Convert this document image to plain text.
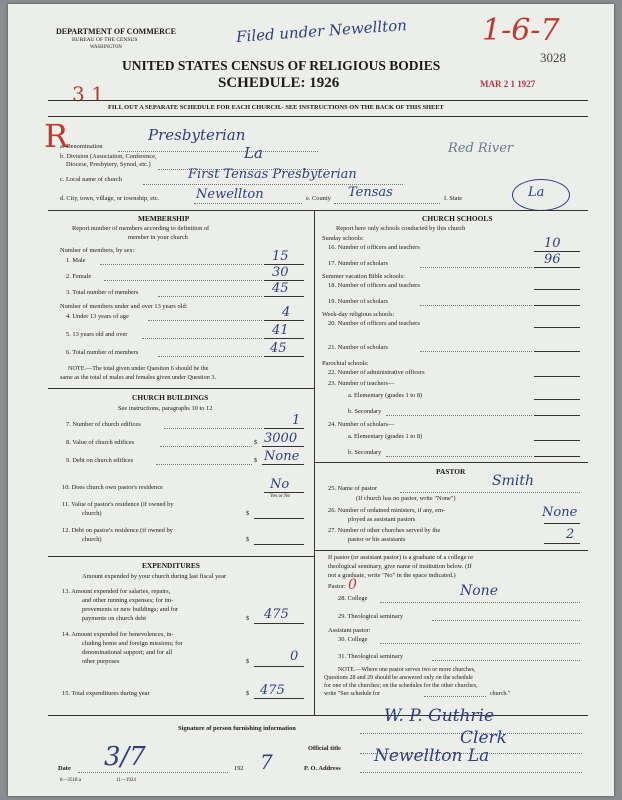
DEPARTMENT OF COMMERCE
BUREAU OF THE CENSUS
WASHINGTON
UNITED STATES CENSUS OF RELIGIOUS BODIES
SCHEDULE: 1926
Filed under Newellton 1-6-7
3028
MAR 2 1 1927
3 1
FILL OUT A SEPARATE SCHEDULE FOR EACH CHURCH.- SEE INSTRUCTIONS ON THE BACK OF THIS SHEET
R
a. Denomination
Presbyterian
b. Division (Association, Conference,
Diocese, Presbytery, Synod, etc.)
La	Red River
c. Local name of church	First Tensas Presbyterian
d. City, town, village, or township, etc.	Newellton	e. County Tensas	f. State	La
MEMBERSHIP
Report number of members according to definition of
member in your church
Number of members, by sex:
1. Male	15
2. Female	30
3. Total number of members	45
Number of members under and over 13 years old:
4. Under 13 years of age	4
5. 13 years old and over	41
6. Total number of members	45
NOTE.—The total given under Question 6 should be the
same as the total of males and females given under Question 3.
CHURCH BUILDINGS
See instructions, paragraphs 10 to 12
7. Number of church edifices	1
8. Value of church edifices	$ 3000
9. Debt on church edifices	$ None
10. Does church own pastor's residence	No
Yes or No
11. Value of pastor's residence (if owned by
church)	$
12. Debt on pastor's residence (if owned by
church)	$
EXPENDITURES
Amount expended by your church during last fiscal year
13. Amount expended for salaries, repairs,
and other running expenses; for im-
provements or new buildings; and for
payments on church debt	$ 475
14. Amount expended for benevolences, in-
cluding home and foreign missions; for
denominational support; and for all
other purposes	$	0
15. Total expenditures during year	$ 475
CHURCH SCHOOLS
Report here only schools conducted by this church
Sunday schools:
16. Number of officers and teachers	10
17. Number of scholars	96
Summer vacation Bible schools:
18. Number of officers and teachers
19. Number of scholars
Week-day religious schools:
20. Number of officers and teachers
21. Number of scholars
Parochial schools:
22. Number of administrative officers
23. Number of teachers—
a. Elementary (grades 1 to 8)
b. Secondary
24. Number of scholars—
a. Elementary (grades 1 to 8)
b. Secondary
PASTOR
25. Name of pastor	Smith
(If church has no pastor, write "None")
26. Number of ordained ministers, if any, em-
ployed as assistant pastors	None
27. Number of other churches served by the
pastor or his assistants	2
If pastor (or assistant pastor) is a graduate of a college or
theological seminary, give name of institution below. (If
not a graduate, write "No" in the space indicated.)
Pastor: 0
28. College	None
29. Theological seminary
Assistant pastor:
30. College
31. Theological seminary
NOTE.—Where one pastor serves two or more churches,
Questions 28 and 29 should be answered only on the schedule
for one of the churches; on the schedules for the other churches,
write "See schedule for	church."
Signature of person furnishing information
W. P. Guthrie
Official title
Clerk
Date 3/7	192 7	P. O. Address
Newellton La
8—3518 a	11—1924
